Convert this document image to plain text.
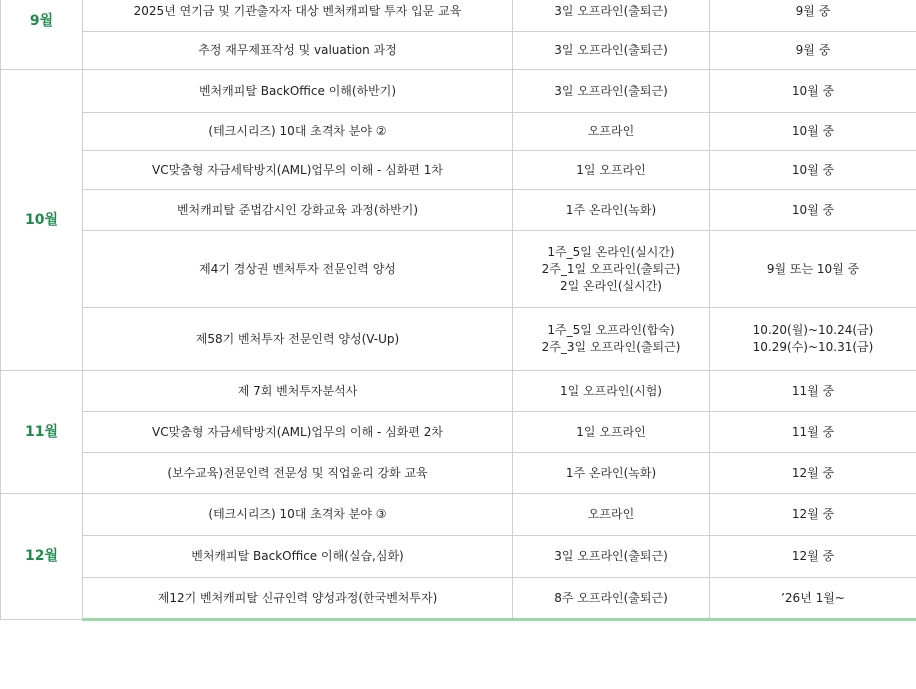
9월			
	2025년 연기금 및 기관출자자 대상 벤처캐피탈 투자 입문 교육	3일 오프라인(출퇴근)	9월 중
	추정 재무제표작성 및 valuation 과정	3일 오프라인(출퇴근)	9월 중
10월	벤처캐피탈 BackOffice 이해(하반기)	3일 오프라인(출퇴근)	10월 중
	(테크시리즈) 10대 초격차 분야 ②	오프라인	10월 중
	VC맞춤형 자금세탁방지(AML)업무의 이해 - 심화편 1차	1일 오프라인	10월 중
	벤처캐피탈 준법감시인 강화교육 과정(하반기)	1주 온라인(녹화)	10월 중
	제4기 경상권 벤처투자 전문인력 양성	1주_5일 온라인(실시간)
2주_1일 오프라인(출퇴근)
2일 온라인(실시간)	9월 또는 10월 중
	제58기 벤처투자 전문인력 양성(V-Up)	1주_5일 오프라인(합숙)
2주_3일 오프라인(출퇴근)	10.20(월)~10.24(금)
10.29(수)~10.31(금)
11월	제 7회 벤처투자분석사	1일 오프라인(시험)	11월 중
	VC맞춤형 자금세탁방지(AML)업무의 이해 - 심화편 2차	1일 오프라인	11월 중
	(보수교육)전문인력 전문성 및 직업윤리 강화 교육	1주 온라인(녹화)	12월 중
12월	(테크시리즈) 10대 초격차 분야 ③	오프라인	12월 중
	벤처캐피탈 BackOffice 이해(실습,심화)	3일 오프라인(출퇴근)	12월 중
	제12기 벤처캐피탈 신규인력 양성과정(한국벤처투자)	8주 오프라인(출퇴근)	’26년 1월~
